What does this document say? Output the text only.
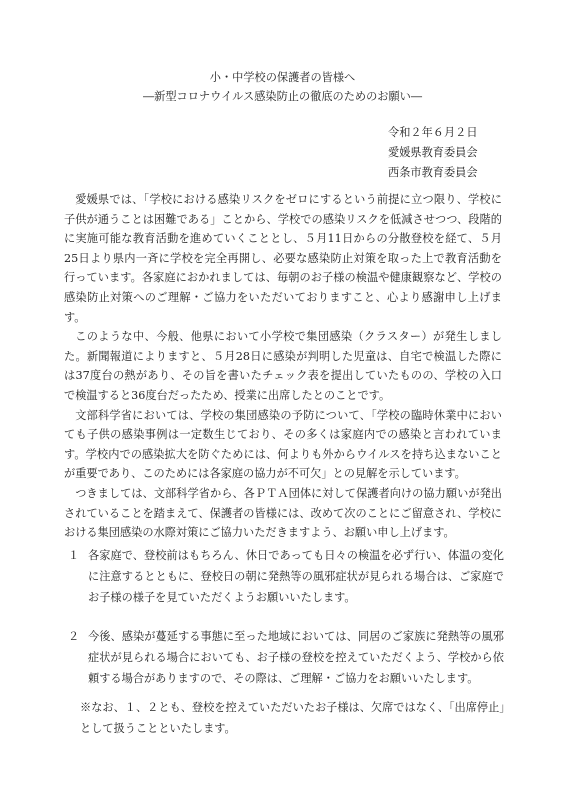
小・中学校の保護者の皆様へ
―新型コロナウイルス感染防止の徹底のためのお願い―
令和２年６月２日
愛媛県教育委員会
西条市教育委員会

愛媛県では、「学校における感染リスクをゼロにするという前提に立つ限り、学校に子供が通うことは困難である」ことから、学校での感染リスクを低減させつつ、段階的に実施可能な教育活動を進めていくこととし、５月11日からの分散登校を経て、５月25日より県内一斉に学校を完全再開し、必要な感染防止対策を取った上で教育活動を行っています。各家庭におかれましては、毎朝のお子様の検温や健康観察など、学校の感染防止対策へのご理解・ご協力をいただいておりますこと、心より感謝申し上げます。

このような中、今般、他県において小学校で集団感染（クラスター）が発生しました。新聞報道によりますと、５月28日に感染が判明した児童は、自宅で検温した際には37度台の熱があり、その旨を書いたチェック表を提出していたものの、学校の入口で検温すると36度台だったため、授業に出席したとのことです。

文部科学省においては、学校の集団感染の予防について、「学校の臨時休業中においても子供の感染事例は一定数生じており、その多くは家庭内での感染と言われています。学校内での感染拡大を防ぐためには、何よりも外からウイルスを持ち込まないことが重要であり、このためには各家庭の協力が不可欠」との見解を示しています。

つきましては、文部科学省から、各ＰＴＡ団体に対して保護者向けの協力願いが発出されていることを踏まえて、保護者の皆様には、改めて次のことにご留意され、学校における集団感染の水際対策にご協力いただきますよう、お願い申し上げます。

１ 各家庭で、登校前はもちろん、休日であっても日々の検温を必ず行い、体温の変化に注意するとともに、登校日の朝に発熱等の風邪症状が見られる場合は、ご家庭でお子様の様子を見ていただくようお願いいたします。
２ 今後、感染が蔓延する事態に至った地域においては、同居のご家族に発熱等の風邪症状が見られる場合においても、お子様の登校を控えていただくよう、学校から依頼する場合がありますので、その際は、ご理解・ご協力をお願いいたします。
※なお、１、２とも、登校を控えていただいたお子様は、欠席ではなく、「出席停止」として扱うことといたします。
